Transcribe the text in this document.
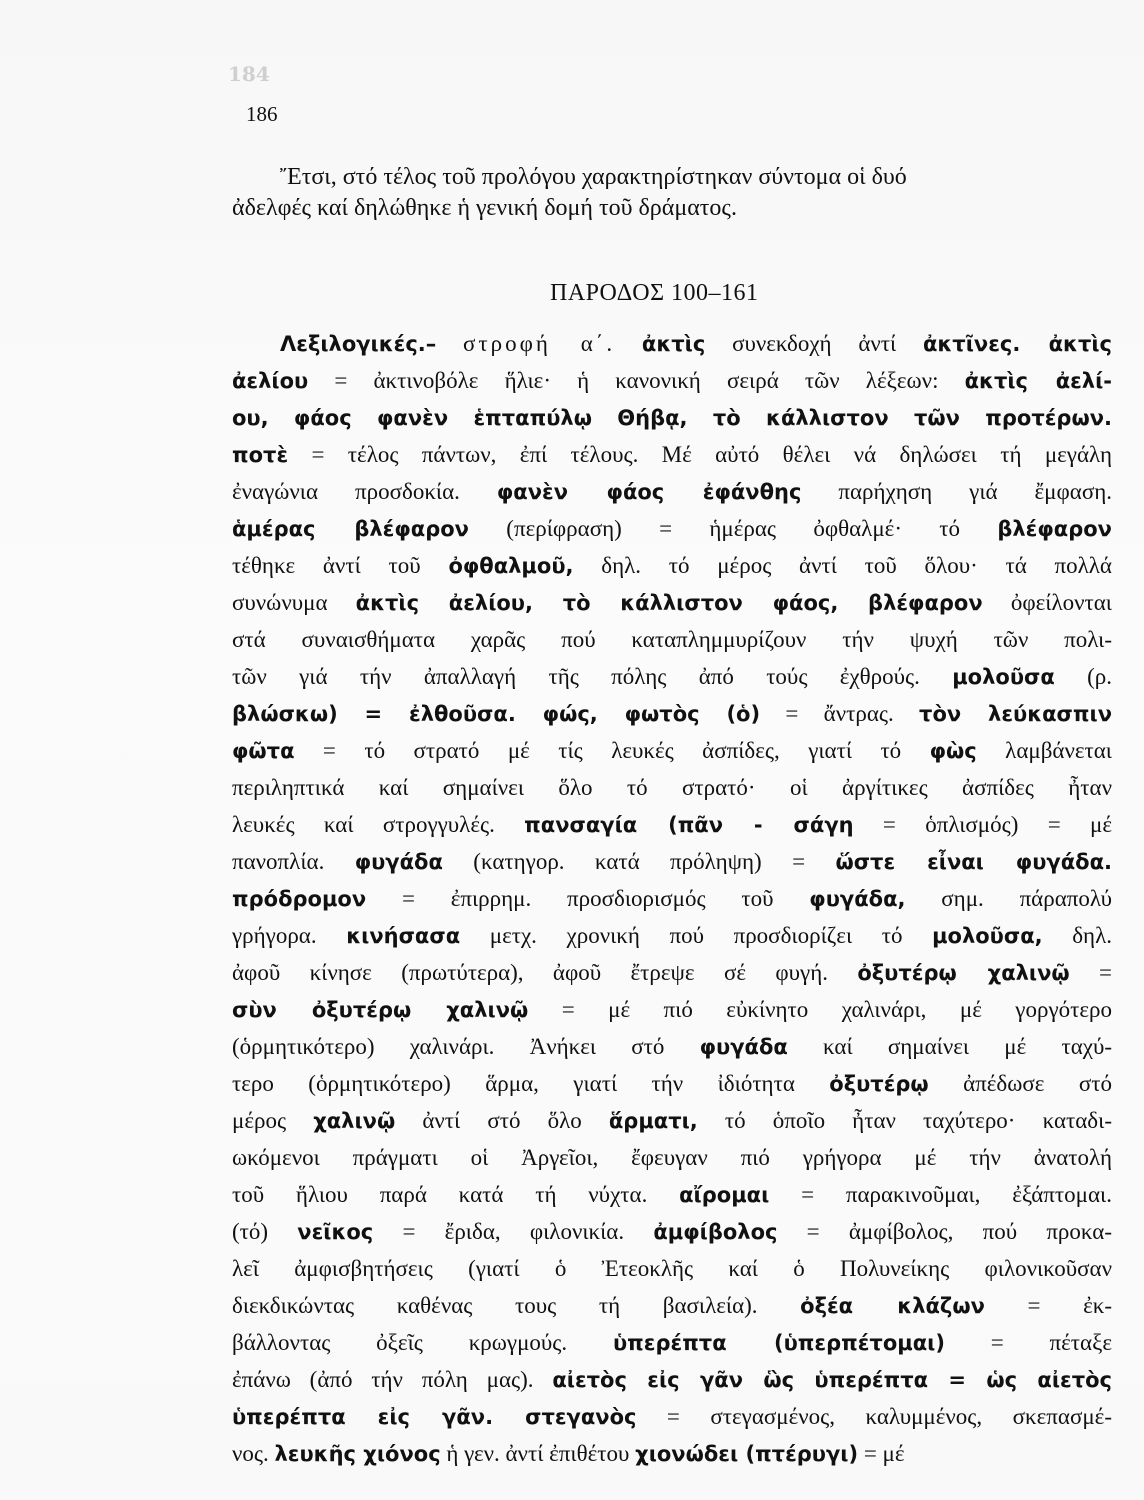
184
186
Ἔτσι, στό τέλος τοῦ προλόγου χαρακτηρίστηκαν σύντομα οἱ δυό
ἀδελφές καί δηλώθηκε ἡ γενική δομή τοῦ δράματος.
ΠΑΡΟΔΟΣ 100–161
Λεξιλογικές.– στροφή α΄. ἀκτὶς συνεκδοχή ἀντί ἀκτῖνες. ἀκτὶς
ἀελίου = ἀκτινοβόλε ἥλιε· ἡ κανονική σειρά τῶν λέξεων: ἀκτὶς ἀελί-
ου, φάος φανὲν ἑπταπύλῳ Θήβᾳ, τὸ κάλλιστον τῶν προτέρων.
ποτὲ = τέλος πάντων, ἐπί τέλους. Μέ αὐτό θέλει νά δηλώσει τή μεγάλη
ἐναγώνια προσδοκία. φανὲν φάος ἐφάνθης παρήχηση γιά ἔμφαση.
ἁμέρας βλέφαρον (περίφραση) = ἡμέρας ὀφθαλμέ· τό βλέφαρον
τέθηκε ἀντί τοῦ ὀφθαλμοῦ, δηλ. τό μέρος ἀντί τοῦ ὅλου· τά πολλά
συνώνυμα ἀκτὶς ἀελίου, τὸ κάλλιστον φάος, βλέφαρον ὀφείλονται
στά συναισθήματα χαρᾶς πού καταπλημμυρίζουν τήν ψυχή τῶν πολι-
τῶν γιά τήν ἀπαλλαγή τῆς πόλης ἀπό τούς ἐχθρούς. μολοῦσα (ρ.
βλώσκω) = ἐλθοῦσα. φώς, φωτὸς (ὁ) = ἄντρας. τὸν λεύκασπιν
φῶτα = τό στρατό μέ τίς λευκές ἀσπίδες, γιατί τό φὼς λαμβάνεται
περιληπτικά καί σημαίνει ὅλο τό στρατό· οἱ ἀργίτικες ἀσπίδες ἦταν
λευκές καί στρογγυλές. πανσαγία (πᾶν - σάγη = ὁπλισμός) = μέ
πανοπλία. φυγάδα (κατηγορ. κατά πρόληψη) = ὥστε εἶναι φυγάδα.
πρόδρομον = ἐπιρρημ. προσδιορισμός τοῦ φυγάδα, σημ. πάραπολύ
γρήγορα. κινήσασα μετχ. χρονική πού προσδιορίζει τό μολοῦσα, δηλ.
ἀφοῦ κίνησε (πρωτύτερα), ἀφοῦ ἔτρεψε σέ φυγή. ὀξυτέρῳ χαλινῷ =
σὺν ὀξυτέρῳ χαλινῷ = μέ πιό εὐκίνητο χαλινάρι, μέ γοργότερο
(ὁρμητικότερο) χαλινάρι. Ἀνήκει στό φυγάδα καί σημαίνει μέ ταχύ-
τερο (ὁρμητικότερο) ἅρμα, γιατί τήν ἰδιότητα ὀξυτέρῳ ἀπέδωσε στό
μέρος χαλινῷ ἀντί στό ὅλο ἅρματι, τό ὁποῖο ἦταν ταχύτερο· καταδι-
ωκόμενοι πράγματι οἱ Ἀργεῖοι, ἔφευγαν πιό γρήγορα μέ τήν ἀνατολή
τοῦ ἥλιου παρά κατά τή νύχτα. αἴρομαι = παρακινοῦμαι, ἐξάπτομαι.
(τό) νεῖκος = ἔριδα, φιλονικία. ἀμφίβολος = ἀμφίβολος, πού προκα-
λεῖ ἀμφισβητήσεις (γιατί ὁ Ἐτεοκλῆς καί ὁ Πολυνείκης φιλονικοῦσαν
διεκδικώντας καθένας τους τή βασιλεία). ὀξέα κλάζων = ἐκ-
βάλλοντας ὀξεῖς κρωγμούς. ὑπερέπτα (ὑπερπέτομαι) = πέταξε
ἐπάνω (ἀπό τήν πόλη μας). αἰετὸς εἰς γᾶν ὣς ὑπερέπτα = ὡς αἰετὸς
ὑπερέπτα εἰς γᾶν. στεγανὸς = στεγασμένος, καλυμμένος, σκεπασμέ-
νος. λευκῆς χιόνος ἡ γεν. ἀντί ἐπιθέτου χιονώδει (πτέρυγι) = μέ
